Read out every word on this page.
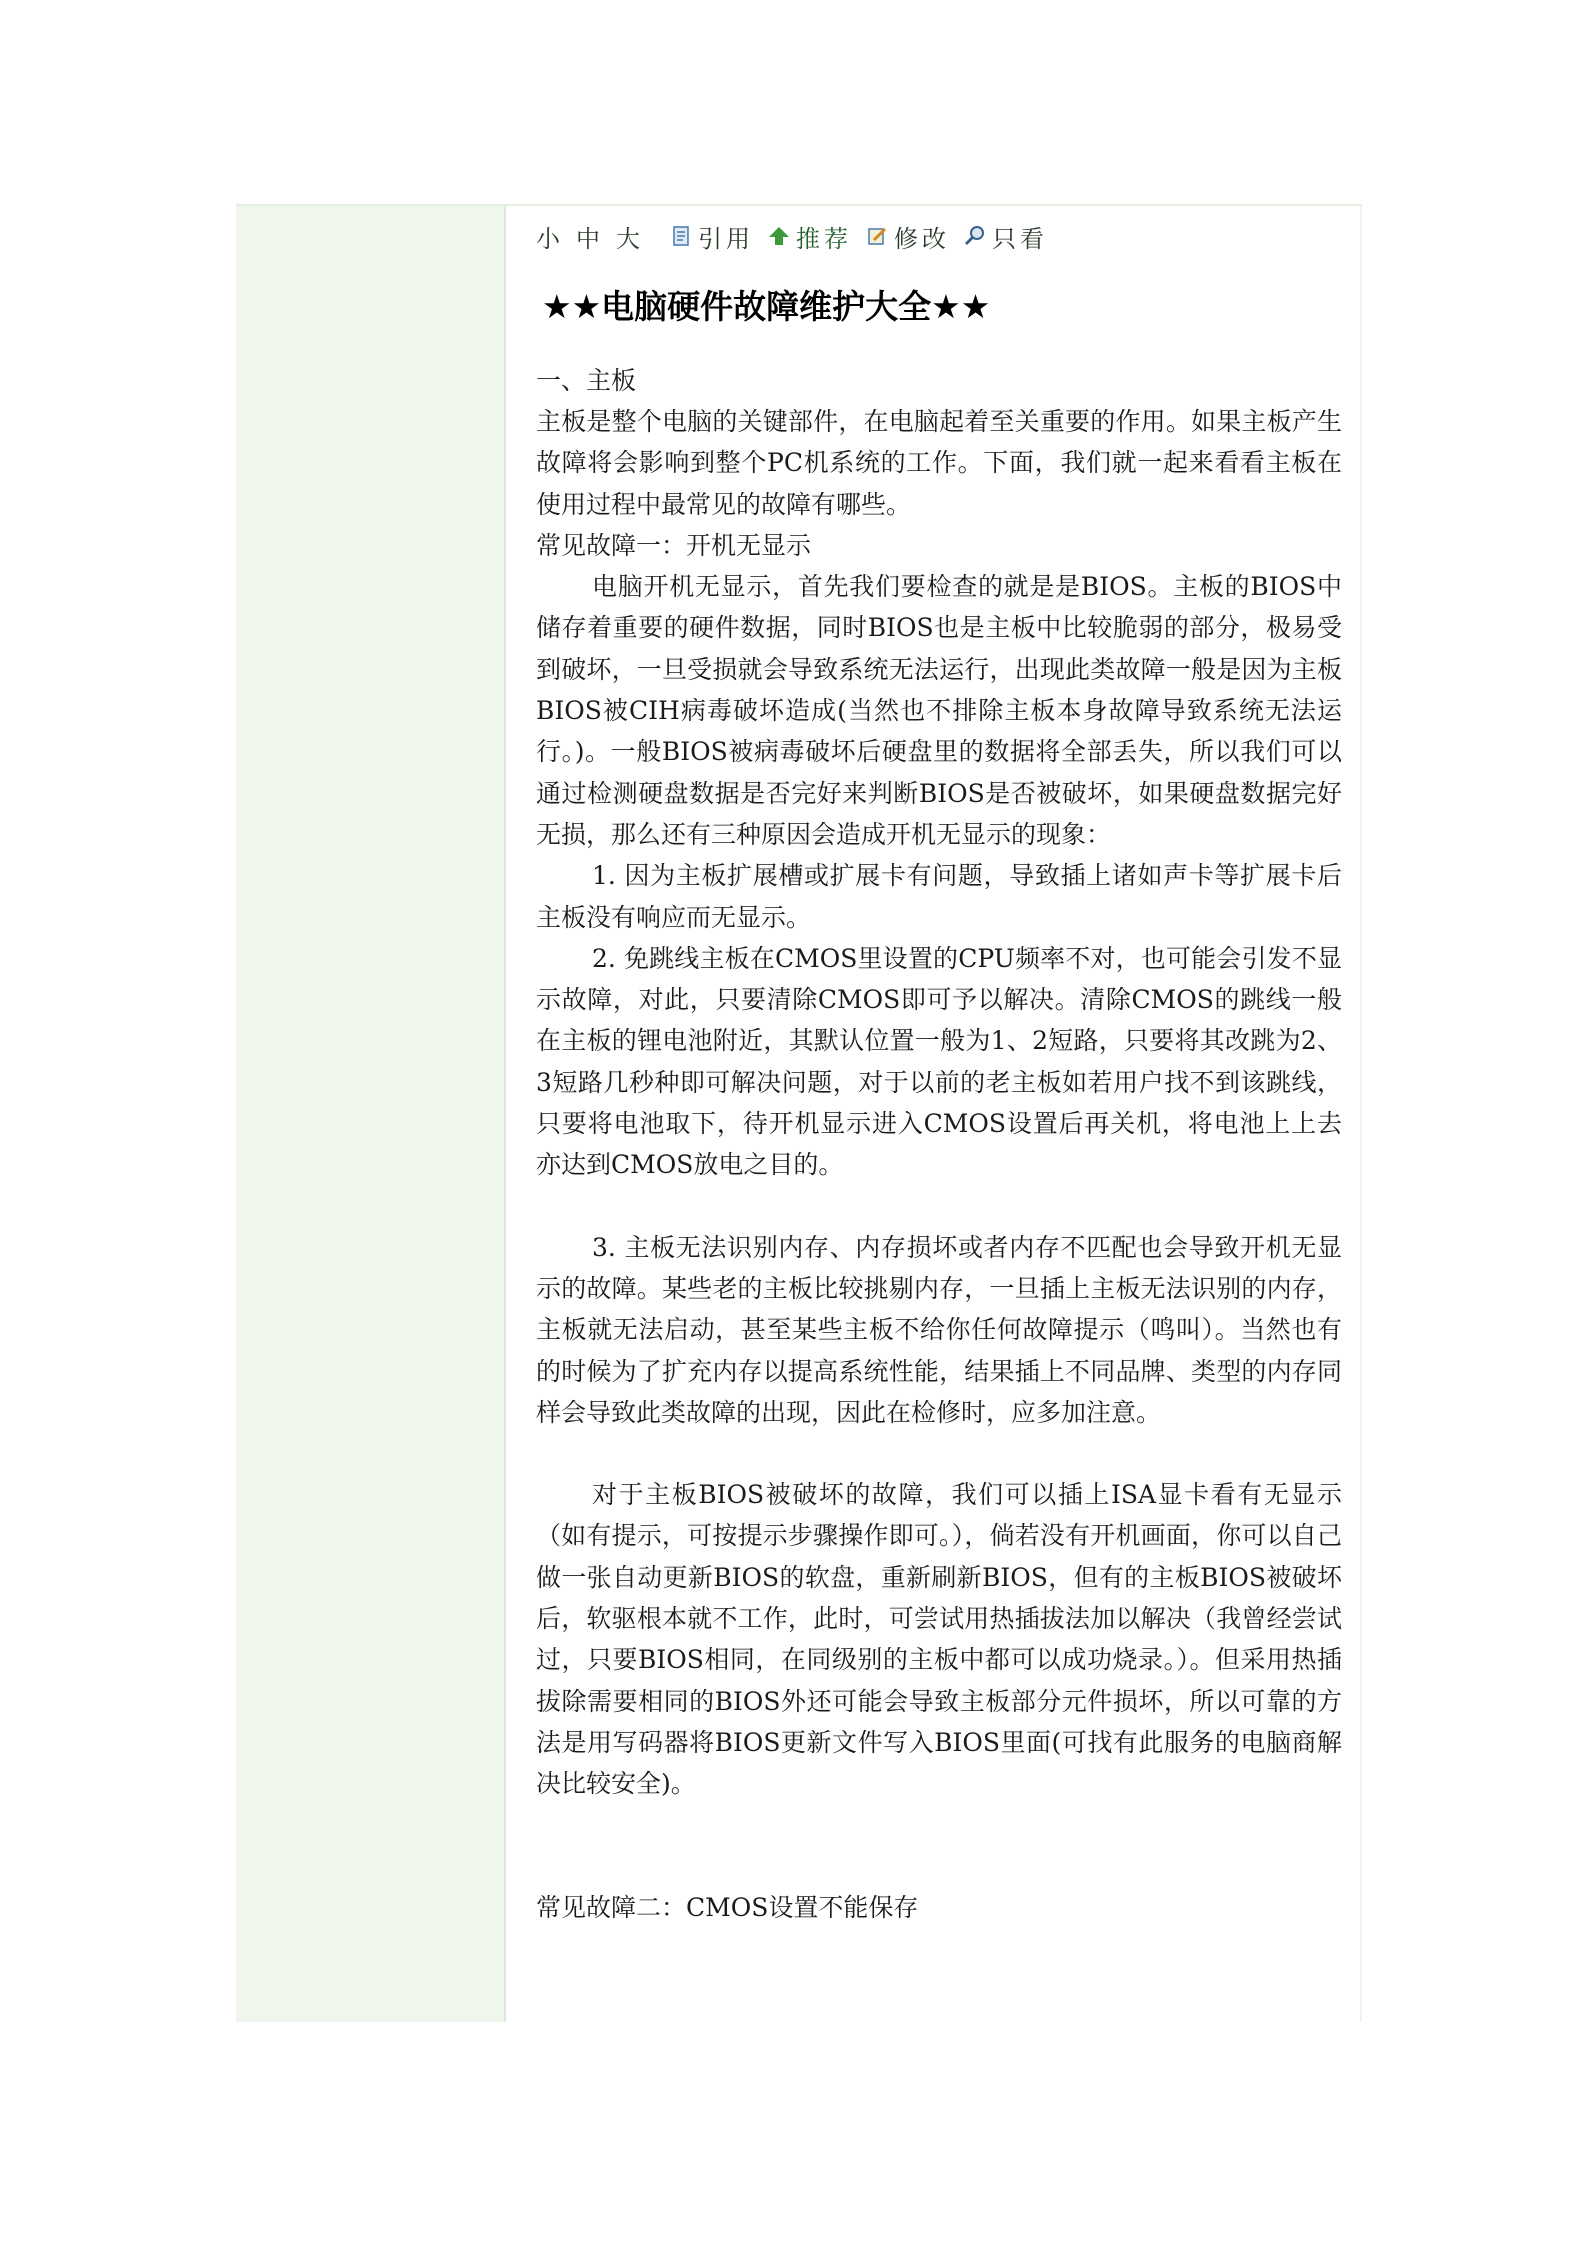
小 中 大 引用 推荐 修改 只看
★★电脑硬件故障维护大全★★
一、主板

主板是整个电脑的关键部件，在电脑起着至关重要的作用。如果主板产生故障将会影响到整个PC机系统的工作。下面，我们就一起来看看主板在使用过程中最常见的故障有哪些。

常见故障一：开机无显示

电脑开机无显示，首先我们要检查的就是是BIOS。主板的BIOS中储存着重要的硬件数据，同时BIOS也是主板中比较脆弱的部分，极易受到破坏，一旦受损就会导致系统无法运行，出现此类故障一般是因为主板BIOS被CIH病毒破坏造成(当然也不排除主板本身故障导致系统无法运行。)。一般BIOS被病毒破坏后硬盘里的数据将全部丢失，所以我们可以通过检测硬盘数据是否完好来判断BIOS是否被破坏，如果硬盘数据完好无损，那么还有三种原因会造成开机无显示的现象：

1. 因为主板扩展槽或扩展卡有问题，导致插上诸如声卡等扩展卡后主板没有响应而无显示。

2. 免跳线主板在CMOS里设置的CPU频率不对，也可能会引发不显示故障，对此，只要清除CMOS即可予以解决。清除CMOS的跳线一般在主板的锂电池附近，其默认位置一般为1、2短路，只要将其改跳为2、3短路几秒种即可解决问题，对于以前的老主板如若用户找不到该跳线，只要将电池取下，待开机显示进入CMOS设置后再关机，将电池上上去亦达到CMOS放电之目的。

3. 主板无法识别内存、内存损坏或者内存不匹配也会导致开机无显示的故障。某些老的主板比较挑剔内存，一旦插上主板无法识别的内存，主板就无法启动，甚至某些主板不给你任何故障提示（鸣叫）。当然也有的时候为了扩充内存以提高系统性能，结果插上不同品牌、类型的内存同样会导致此类故障的出现，因此在检修时，应多加注意。

对于主板BIOS被破坏的故障，我们可以插上ISA显卡看有无显示（如有提示，可按提示步骤操作即可。），倘若没有开机画面，你可以自己做一张自动更新BIOS的软盘，重新刷新BIOS，但有的主板BIOS被破坏后，软驱根本就不工作，此时，可尝试用热插拔法加以解决（我曾经尝试过，只要BIOS相同，在同级别的主板中都可以成功烧录。）。但采用热插拔除需要相同的BIOS外还可能会导致主板部分元件损坏，所以可靠的方法是用写码器将BIOS更新文件写入BIOS里面(可找有此服务的电脑商解决比较安全)。

常见故障二：CMOS设置不能保存
